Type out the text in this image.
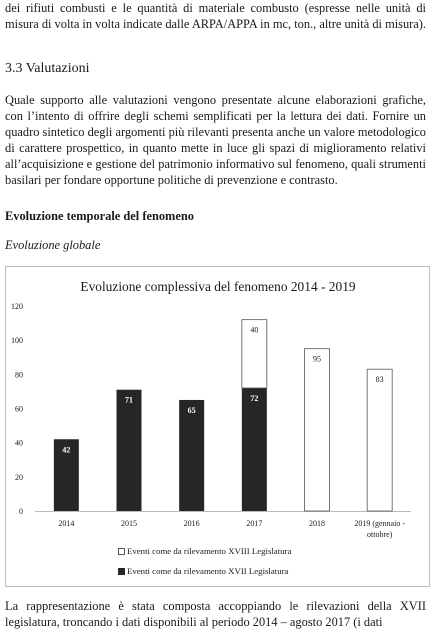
dei rifiuti combusti e le quantità di materiale combusto (espresse nelle unità di misura di volta in volta indicate dalle ARPA/APPA in mc, ton., altre unità di misura).

3.3 Valutazioni

Quale supporto alle valutazioni vengono presentate alcune elaborazioni grafiche, con l’intento di offrire degli schemi semplificati per la lettura dei dati. Fornire un quadro sintetico degli argomenti più rilevanti presenta anche un valore metodologico di carattere prospettico, in quanto mette in luce gli spazi di miglioramento relativi all’acquisizione e gestione del patrimonio informativo sul fenomeno, quali strumenti basilari per fondare opportune politiche di prevenzione e contrasto.

Evoluzione temporale del fenomeno
Evoluzione globale
Evoluzione complessiva del fenomeno 2014 - 2019
0
20
40
60
80
100
120
42
2014
71
2015
65
2016
72
40
2017
95
2018
83
2019 (gennaio -
ottobre)
Eventi come da rilevamento XVIII Legislatura
Eventi come da rilevamento XVII Legislatura

La rappresentazione è stata composta accoppiando le rilevazioni della XVII legislatura, troncando i dati disponibili al periodo 2014 – agosto 2017 (i dati
